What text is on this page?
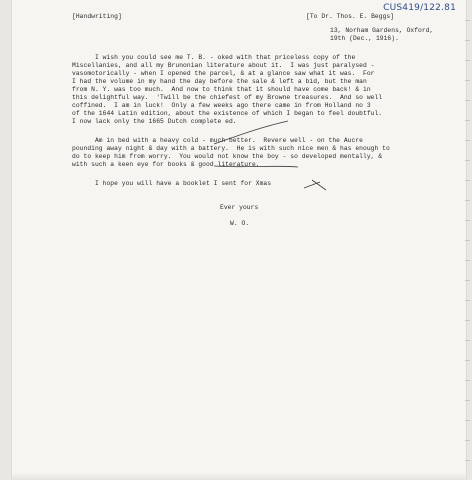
CUS419/122.81
[Handwriting]	[To Dr. Thos. E. Beggs]
13, Norham Gardens, Oxford,
19th (Dec., 1916).
I wish you could see me T. B. - oked with that priceless copy of the
Miscellanies, and all my Brunonian literature about it.  I was just paralysed -
vasomotorically - when I opened the parcel, & at a glance saw what it was.  For
I had the volume in my hand the day before the sale & left a bid, but the man
from N. Y. was too much.  And now to think that it should have come back! & in
this delightful way.  'Twill be the chiefest of my Browne treasures.  And so well
coffined.  I am in luck!  Only a few weeks ago there came in from Holland no 3
of the 1644 Latin edition, about the existence of which I began to feel doubtful.
I now lack only the 1665 Dutch complete ed.
Am in bed with a heavy cold - much better.  Revere well - on the Aucre
pounding away night & day with a battery.  He is with such nice men & has enough to
do to keep him from worry.  You would not know the boy - so developed mentally, &
with such a keen eye for books & good literature.
I hope you will have a booklet I sent for Xmas
Ever yours
W. O.
